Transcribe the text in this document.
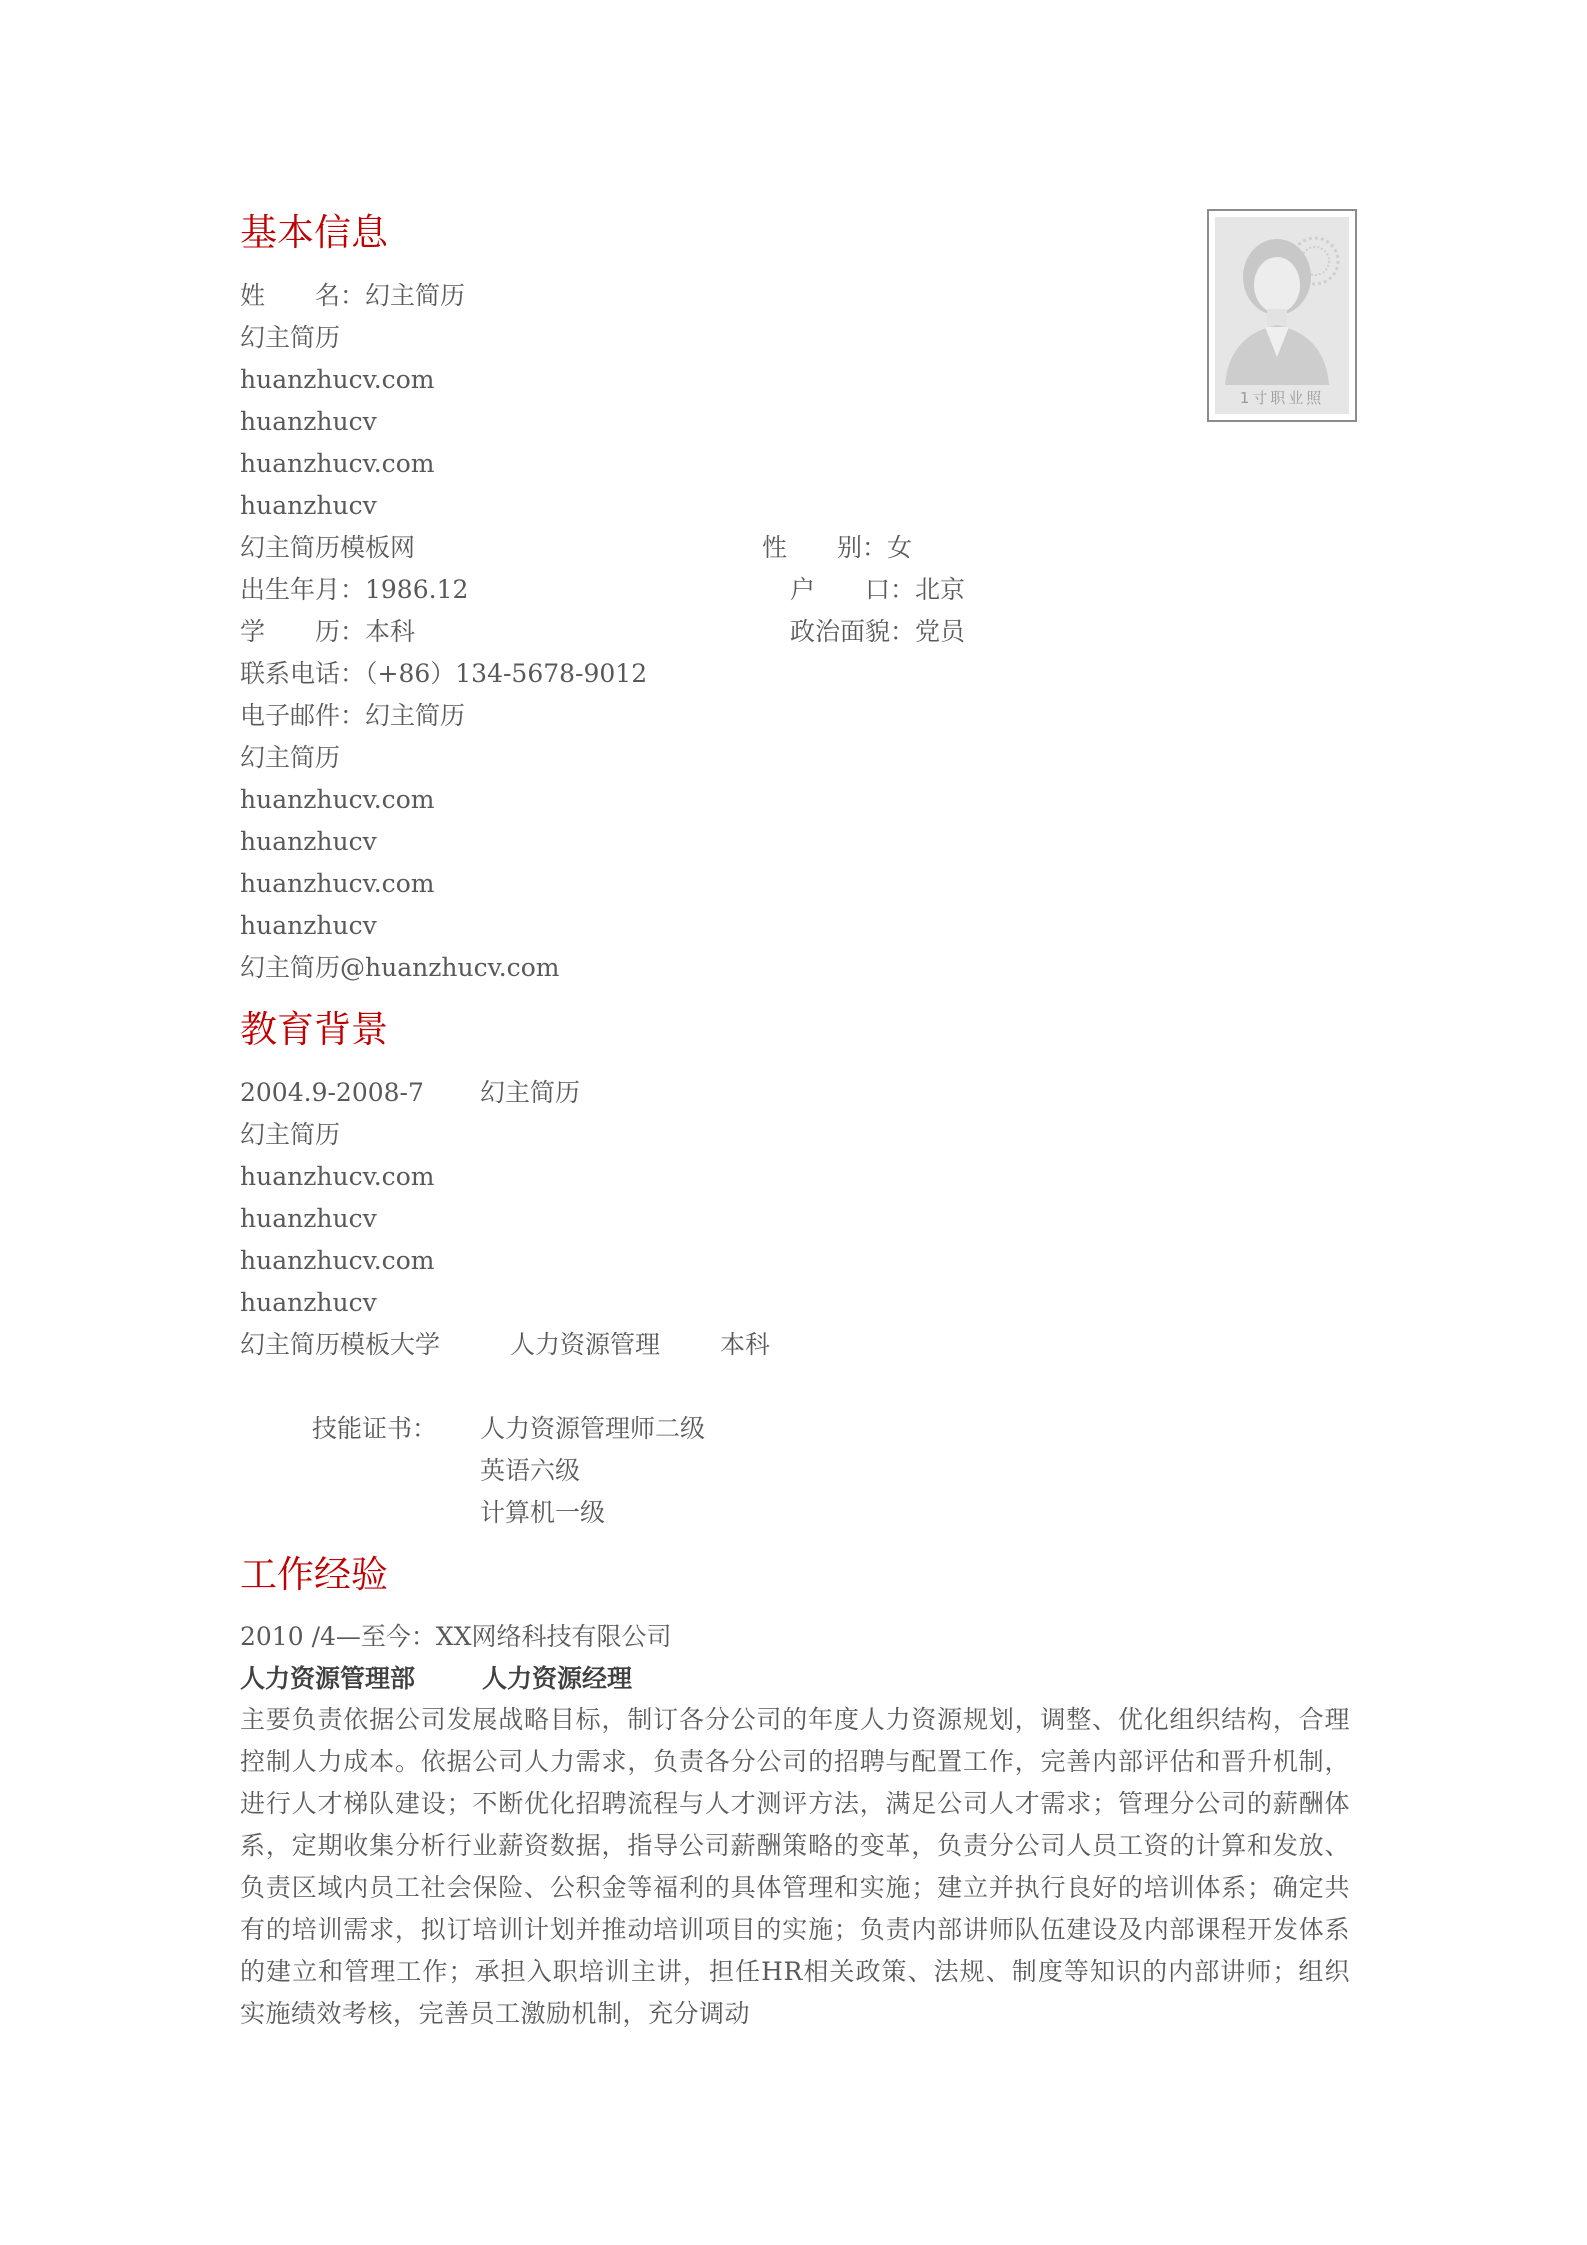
基本信息
姓　　名：幻主简历
幻主简历
huanzhucv.com
huanzhucv
huanzhucv.com
huanzhucv
幻主简历模板网	性　　别：女
出生年月：1986.12	户　　口：北京
学　　历：本科	政治面貌：党员
联系电话：（+86）134-5678-9012
电子邮件：幻主简历
幻主简历
huanzhucv.com
huanzhucv
huanzhucv.com
huanzhucv
幻主简历@huanzhucv.com
1寸职业照
教育背景
2004.9-2008-7 幻主简历
幻主简历
huanzhucv.com
huanzhucv
huanzhucv.com
huanzhucv
幻主简历模板大学	人力资源管理 本科
技能证书： 人力资源管理师二级
英语六级
计算机一级
工作经验
2010 /4—至今：XX网络科技有限公司
人力资源管理部	人力资源经理
主要负责依据公司发展战略目标，制订各分公司的年度人力资源规划，调整、优化组织结构，合理控制人力成本。依据公司人力需求，负责各分公司的招聘与配置工作，完善内部评估和晋升机制，进行人才梯队建设；不断优化招聘流程与人才测评方法，满足公司人才需求；管理分公司的薪酬体系，定期收集分析行业薪资数据，指导公司薪酬策略的变革，负责分公司人员工资的计算和发放、负责区域内员工社会保险、公积金等福利的具体管理和实施；建立并执行良好的培训体系；确定共有的培训需求，拟订培训计划并推动培训项目的实施；负责内部讲师队伍建设及内部课程开发体系的建立和管理工作；承担入职培训主讲，担任HR相关政策、法规、制度等知识的内部讲师；组织实施绩效考核，完善员工激励机制，充分调动
